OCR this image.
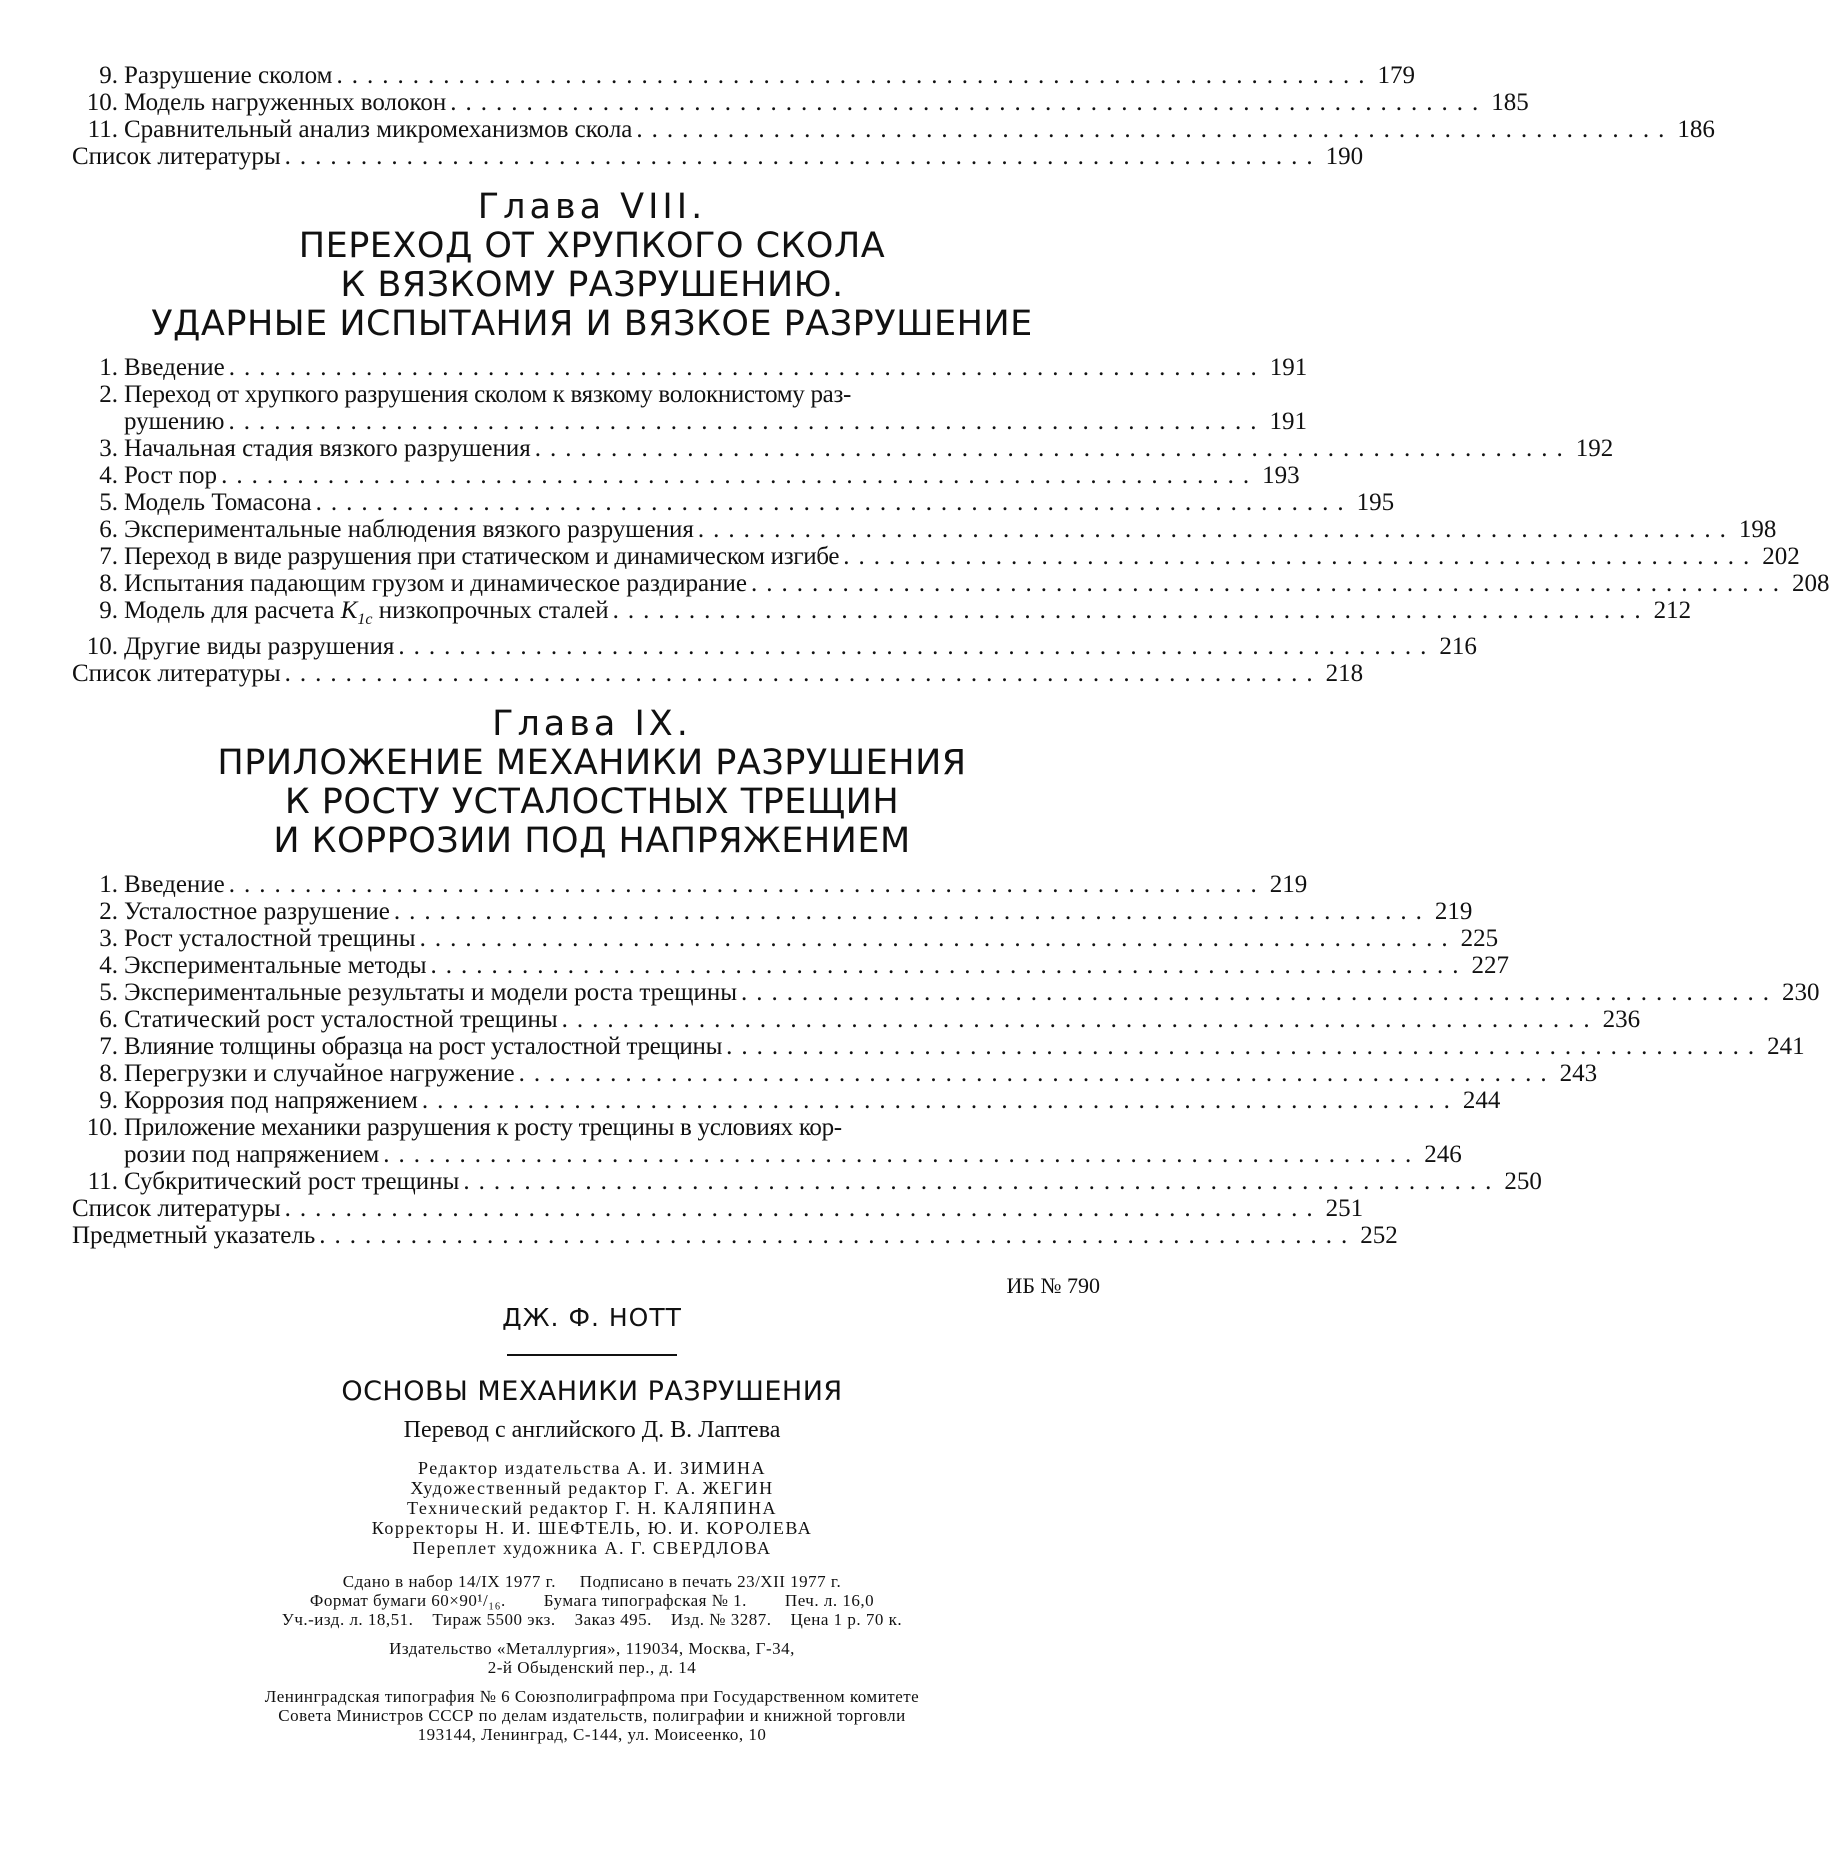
9. Разрушение сколом .................................................................... 179
10. Модель нагруженных волокон .................................................................... 185
11. Сравнительный анализ микромеханизмов скола .................................................................... 186
Список литературы .................................................................... 190
Глава VIII.
ПЕРЕХОД ОТ ХРУПКОГО СКОЛА
К ВЯЗКОМУ РАЗРУШЕНИЮ.
УДАРНЫЕ ИСПЫТАНИЯ И ВЯЗКОЕ РАЗРУШЕНИЕ
1. Введение .................................................................... 191
2. Переход от хрупкого разрушения сколом к вязкому волокнистому раз-
рушению .................................................................... 191
3. Начальная стадия вязкого разрушения .................................................................... 192
4. Рост пор .................................................................... 193
5. Модель Томасона .................................................................... 195
6. Экспериментальные наблюдения вязкого разрушения .................................................................... 198
7. Переход в виде разрушения при статическом и динамическом изгибе ............................................................ 202
8. Испытания падающим грузом и динамическое раздирание .................................................................... 208
9. Модель для расчета $K_{1c}$ низкопрочных сталей .................................................................... 212
10. Другие виды разрушения .................................................................... 216
Список литературы .................................................................... 218
Глава IX.
ПРИЛОЖЕНИЕ МЕХАНИКИ РАЗРУШЕНИЯ
К РОСТУ УСТАЛОСТНЫХ ТРЕЩИН
И КОРРОЗИИ ПОД НАПРЯЖЕНИЕМ
1. Введение .................................................................... 219
2. Усталостное разрушение .................................................................... 219
3. Рост усталостной трещины .................................................................... 225
4. Экспериментальные методы .................................................................... 227
5. Экспериментальные результаты и модели роста трещины .................................................................... 230
6. Статический рост усталостной трещины .................................................................... 236
7. Влияние толщины образца на рост усталостной трещины .................................................................... 241
8. Перегрузки и случайное нагружение .................................................................... 243
9. Коррозия под напряжением .................................................................... 244
10. Приложение механики разрушения к росту трещины в условиях кор-
розии под напряжением .................................................................... 246
11. Субкритический рост трещины .................................................................... 250
Список литературы .................................................................... 251
Предметный указатель .................................................................... 252
ИБ № 790
ДЖ. Ф. НОТТ
ОСНОВЫ МЕХАНИКИ РАЗРУШЕНИЯ
Перевод с английского Д. В. Лаптева
Редактор издательства А. И. ЗИМИНА
Художественный редактор Г. А. ЖЕГИН
Технический редактор Г. Н. КАЛЯПИНА
Корректоры Н. И. ШЕФТЕЛЬ, Ю. И. КОРОЛЕВА
Переплет художника А. Г. СВЕРДЛОВА
Сдано в набор 14/IX 1977 г.     Подписано в печать 23/XII 1977 г.
Формат бумаги 60×90¹/₁₆.        Бумага типографская № 1.        Печ. л. 16,0
Уч.-изд. л. 18,51.    Тираж 5500 экз.    Заказ 495.    Изд. № 3287.    Цена 1 р. 70 к.
Издательство «Металлургия», 119034, Москва, Г-34,
2-й Обыденский пер., д. 14
Ленинградская типография № 6 Союзполиграфпрома при Государственном комитете
Совета Министров СССР по делам издательств, полиграфии и книжной торговли
193144, Ленинград, С-144, ул. Моисеенко, 10
